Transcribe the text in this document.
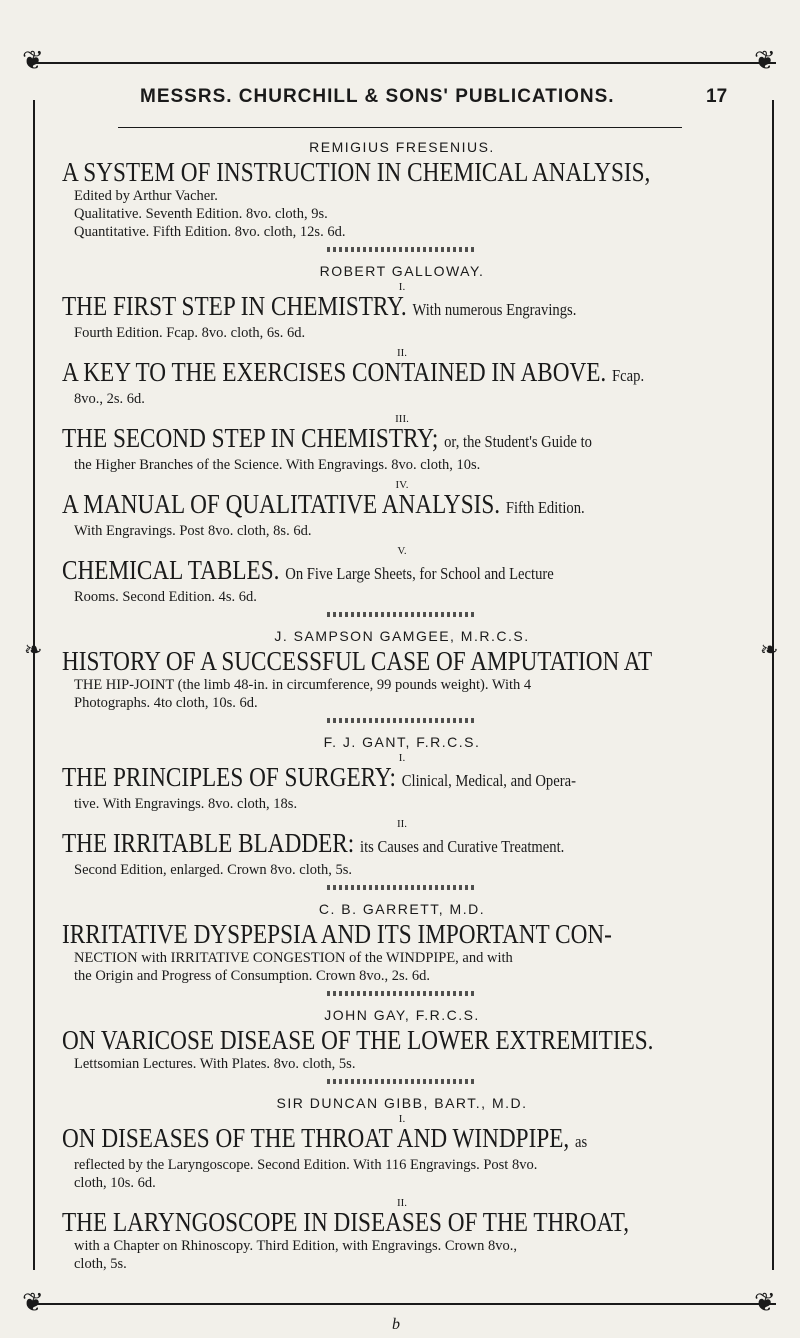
❦	❦
❦	❦
❧	❧
MESSRS. CHURCHILL & SONS' PUBLICATIONS.	17
REMIGIUS FRESENIUS.
A SYSTEM OF INSTRUCTION IN CHEMICAL ANALYSIS,
Edited by Arthur Vacher.
Qualitative. Seventh Edition. 8vo. cloth, 9s.
Quantitative. Fifth Edition. 8vo. cloth, 12s. 6d.
ROBERT GALLOWAY.
I.
THE FIRST STEP IN CHEMISTRY. With numerous Engravings.
Fourth Edition. Fcap. 8vo. cloth, 6s. 6d.
II.
A KEY TO THE EXERCISES CONTAINED IN ABOVE. Fcap.
8vo., 2s. 6d.
III.
THE SECOND STEP IN CHEMISTRY; or, the Student's Guide to
the Higher Branches of the Science. With Engravings. 8vo. cloth, 10s.
IV.
A MANUAL OF QUALITATIVE ANALYSIS. Fifth Edition.
With Engravings. Post 8vo. cloth, 8s. 6d.
V.
CHEMICAL TABLES. On Five Large Sheets, for School and Lecture
Rooms. Second Edition. 4s. 6d.
J. SAMPSON GAMGEE, M.R.C.S.
HISTORY OF A SUCCESSFUL CASE OF AMPUTATION AT
THE HIP-JOINT (the limb 48-in. in circumference, 99 pounds weight). With 4
Photographs. 4to cloth, 10s. 6d.
F. J. GANT, F.R.C.S.
I.
THE PRINCIPLES OF SURGERY: Clinical, Medical, and Opera-
tive. With Engravings. 8vo. cloth, 18s.
II.
THE IRRITABLE BLADDER: its Causes and Curative Treatment.
Second Edition, enlarged. Crown 8vo. cloth, 5s.
C. B. GARRETT, M.D.
IRRITATIVE DYSPEPSIA AND ITS IMPORTANT CON-
NECTION with IRRITATIVE CONGESTION of the WINDPIPE, and with
the Origin and Progress of Consumption. Crown 8vo., 2s. 6d.
JOHN GAY, F.R.C.S.
ON VARICOSE DISEASE OF THE LOWER EXTREMITIES.
Lettsomian Lectures. With Plates. 8vo. cloth, 5s.
SIR DUNCAN GIBB, BART., M.D.
I.
ON DISEASES OF THE THROAT AND WINDPIPE, as
reflected by the Laryngoscope. Second Edition. With 116 Engravings. Post 8vo.
cloth, 10s. 6d.
II.
THE LARYNGOSCOPE IN DISEASES OF THE THROAT,
with a Chapter on Rhinoscopy. Third Edition, with Engravings. Crown 8vo.,
cloth, 5s.
b
